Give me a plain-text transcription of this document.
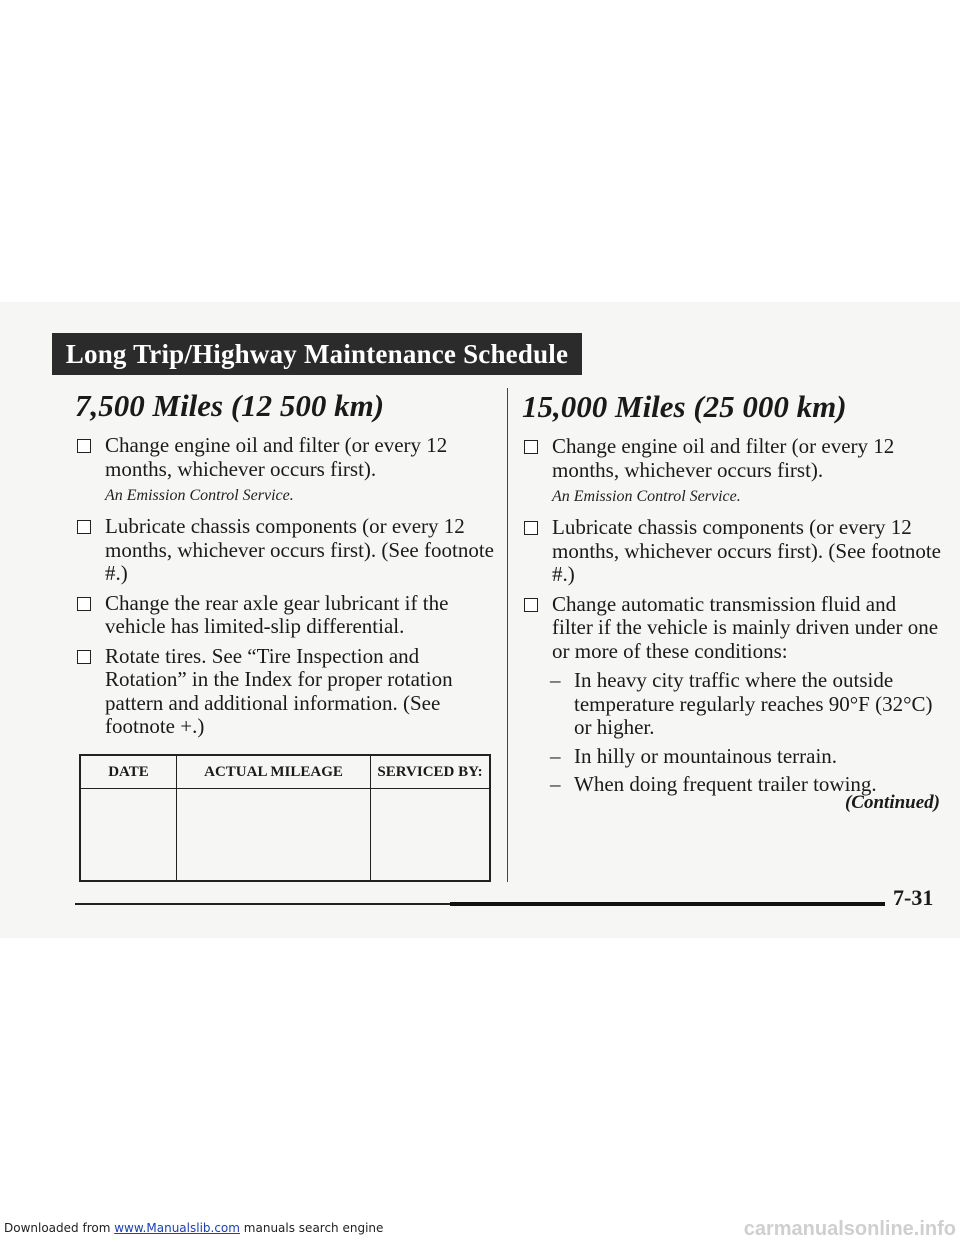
Long Trip/Highway Maintenance Schedule
7,500 Miles (12 500 km)
Change engine oil and filter (or every 12 months, whichever occurs first).
An Emission Control Service.
Lubricate chassis components (or every 12 months, whichever occurs first). (See footnote #.)
Change the rear axle gear lubricant if the vehicle has limited-slip differential.
Rotate tires. See “Tire Inspection and Rotation” in the Index for proper rotation pattern and additional information. (See footnote +.)
DATE	ACTUAL MILEAGE	SERVICED BY:

15,000 Miles (25 000 km)
Change engine oil and filter (or every 12 months, whichever occurs first).
An Emission Control Service.
Lubricate chassis components (or every 12 months, whichever occurs first). (See footnote #.)
Change automatic transmission fluid and filter if the vehicle is mainly driven under one or more of these conditions:
– In heavy city traffic where the outside temperature regularly reaches 90°F (32°C) or higher.
– In hilly or mountainous terrain.
– When doing frequent trailer towing.
(Continued)
7-31
Downloaded from www.Manualslib.com manuals search engine	carmanualsonline.info
